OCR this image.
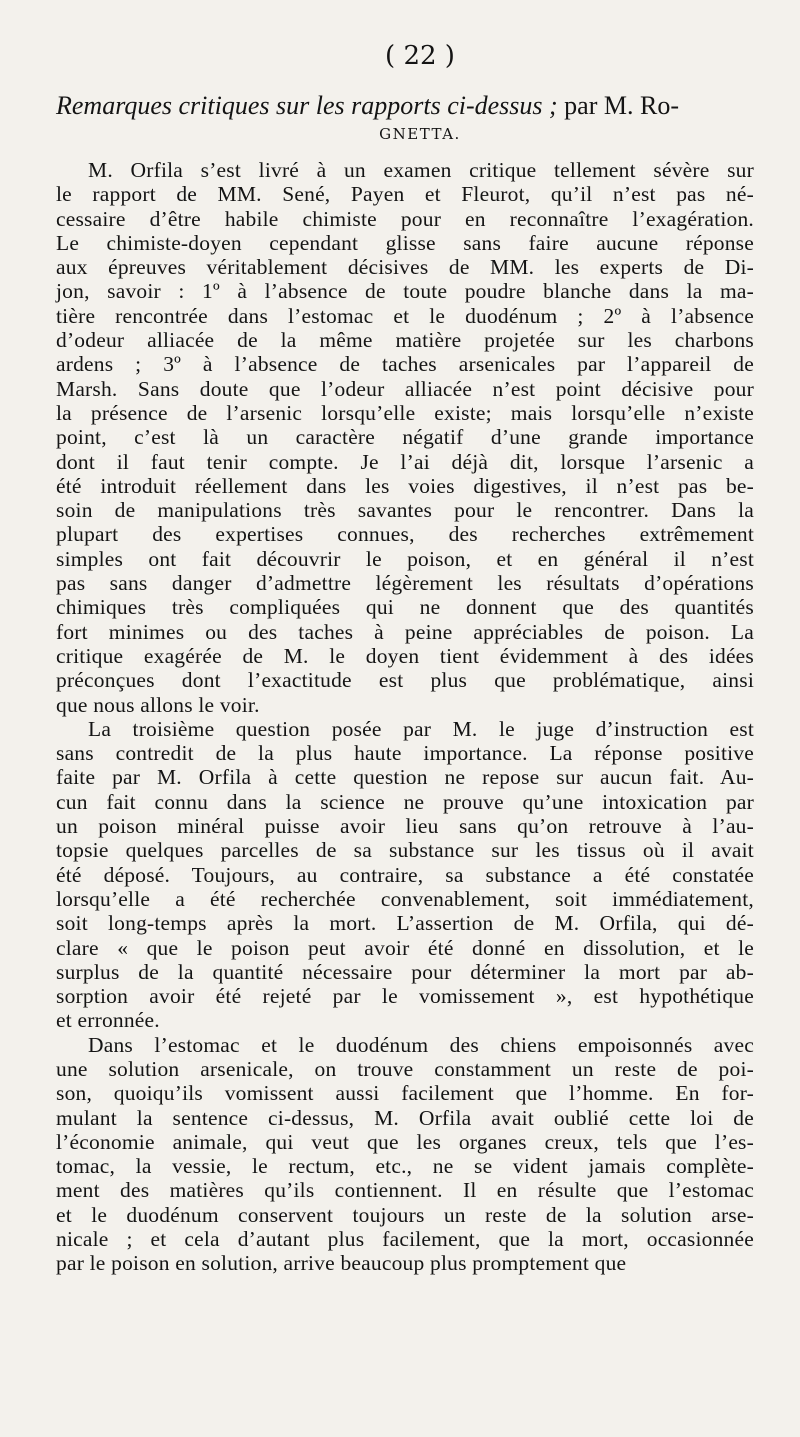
( 22 )
Remarques critiques sur les rapports ci-dessus ; par M. Ro-
GNETTA.
M. Orfila s’est livré à un examen critique tellement sévère sur
le rapport de MM. Sené, Payen et Fleurot, qu’il n’est pas né-
cessaire d’être habile chimiste pour en reconnaître l’exagération.
Le chimiste-doyen cependant glisse sans faire aucune réponse
aux épreuves véritablement décisives de MM. les experts de Di-
jon, savoir : 1º à l’absence de toute poudre blanche dans la ma-
tière rencontrée dans l’estomac et le duodénum ; 2º à l’absence
d’odeur alliacée de la même matière projetée sur les charbons
ardens ; 3º à l’absence de taches arsenicales par l’appareil de
Marsh. Sans doute que l’odeur alliacée n’est point décisive pour
la présence de l’arsenic lorsqu’elle existe; mais lorsqu’elle n’existe
point, c’est là un caractère négatif d’une grande importance
dont il faut tenir compte. Je l’ai déjà dit, lorsque l’arsenic a
été introduit réellement dans les voies digestives, il n’est pas be-
soin de manipulations très savantes pour le rencontrer. Dans la
plupart des expertises connues, des recherches extrêmement
simples ont fait découvrir le poison, et en général il n’est
pas sans danger d’admettre légèrement les résultats d’opérations
chimiques très compliquées qui ne donnent que des quantités
fort minimes ou des taches à peine appréciables de poison. La
critique exagérée de M. le doyen tient évidemment à des idées
préconçues dont l’exactitude est plus que problématique, ainsi
que nous allons le voir.
La troisième question posée par M. le juge d’instruction est
sans contredit de la plus haute importance. La réponse positive
faite par M. Orfila à cette question ne repose sur aucun fait. Au-
cun fait connu dans la science ne prouve qu’une intoxication par
un poison minéral puisse avoir lieu sans qu’on retrouve à l’au-
topsie quelques parcelles de sa substance sur les tissus où il avait
été déposé. Toujours, au contraire, sa substance a été constatée
lorsqu’elle a été recherchée convenablement, soit immédiatement,
soit long-temps après la mort. L’assertion de M. Orfila, qui dé-
clare « que le poison peut avoir été donné en dissolution, et le
surplus de la quantité nécessaire pour déterminer la mort par ab-
sorption avoir été rejeté par le vomissement », est hypothétique
et erronnée.
Dans l’estomac et le duodénum des chiens empoisonnés avec
une solution arsenicale, on trouve constamment un reste de poi-
son, quoiqu’ils vomissent aussi facilement que l’homme. En for-
mulant la sentence ci-dessus, M. Orfila avait oublié cette loi de
l’économie animale, qui veut que les organes creux, tels que l’es-
tomac, la vessie, le rectum, etc., ne se vident jamais complète-
ment des matières qu’ils contiennent. Il en résulte que l’estomac
et le duodénum conservent toujours un reste de la solution arse-
nicale ; et cela d’autant plus facilement, que la mort, occasionnée
par le poison en solution, arrive beaucoup plus promptement que
